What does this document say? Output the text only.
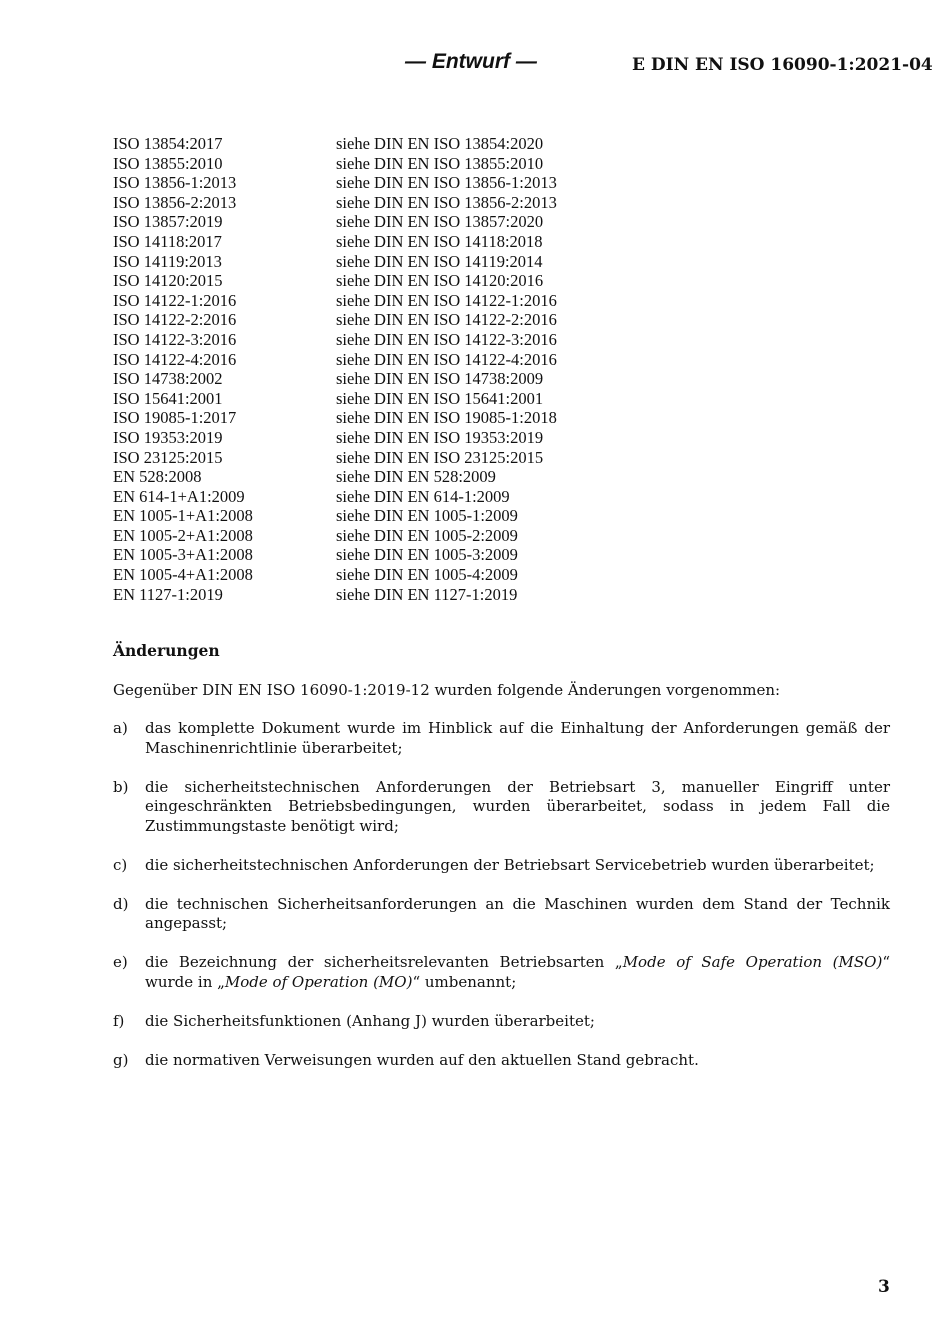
— Entwurf —	E DIN EN ISO 16090-1:2021-04
ISO 13854:2017	siehe DIN EN ISO 13854:2020
ISO 13855:2010	siehe DIN EN ISO 13855:2010
ISO 13856-1:2013	siehe DIN EN ISO 13856-1:2013
ISO 13856-2:2013	siehe DIN EN ISO 13856-2:2013
ISO 13857:2019	siehe DIN EN ISO 13857:2020
ISO 14118:2017	siehe DIN EN ISO 14118:2018
ISO 14119:2013	siehe DIN EN ISO 14119:2014
ISO 14120:2015	siehe DIN EN ISO 14120:2016
ISO 14122-1:2016	siehe DIN EN ISO 14122-1:2016
ISO 14122-2:2016	siehe DIN EN ISO 14122-2:2016
ISO 14122-3:2016	siehe DIN EN ISO 14122-3:2016
ISO 14122-4:2016	siehe DIN EN ISO 14122-4:2016
ISO 14738:2002	siehe DIN EN ISO 14738:2009
ISO 15641:2001	siehe DIN EN ISO 15641:2001
ISO 19085-1:2017	siehe DIN EN ISO 19085-1:2018
ISO 19353:2019	siehe DIN EN ISO 19353:2019
ISO 23125:2015	siehe DIN EN ISO 23125:2015
EN 528:2008	siehe DIN EN 528:2009
EN 614-1+A1:2009	siehe DIN EN 614-1:2009
EN 1005-1+A1:2008	siehe DIN EN 1005-1:2009
EN 1005-2+A1:2008	siehe DIN EN 1005-2:2009
EN 1005-3+A1:2008	siehe DIN EN 1005-3:2009
EN 1005-4+A1:2008	siehe DIN EN 1005-4:2009
EN 1127-1:2019	siehe DIN EN 1127-1:2019
Änderungen
Gegenüber DIN EN ISO 16090-1:2019-12 wurden folgende Änderungen vorgenommen:
a)	das komplette Dokument wurde im Hinblick auf die Einhaltung der Anforderungen gemäß der Maschinenrichtlinie überarbeitet;
b)	die sicherheitstechnischen Anforderungen der Betriebsart 3, manueller Eingriff unter eingeschränkten Betriebsbedingungen, wurden überarbeitet, sodass in jedem Fall die Zustimmungstaste benötigt wird;
c)	die sicherheitstechnischen Anforderungen der Betriebsart Servicebetrieb wurden überarbeitet;
d)	die technischen Sicherheitsanforderungen an die Maschinen wurden dem Stand der Technik angepasst;
e)	die Bezeichnung der sicherheitsrelevanten Betriebsarten „Mode of Safe Operation (MSO)“ wurde in „Mode of Operation (MO)“ umbenannt;
f)	die Sicherheitsfunktionen (Anhang J) wurden überarbeitet;
g)	die normativen Verweisungen wurden auf den aktuellen Stand gebracht.
3
